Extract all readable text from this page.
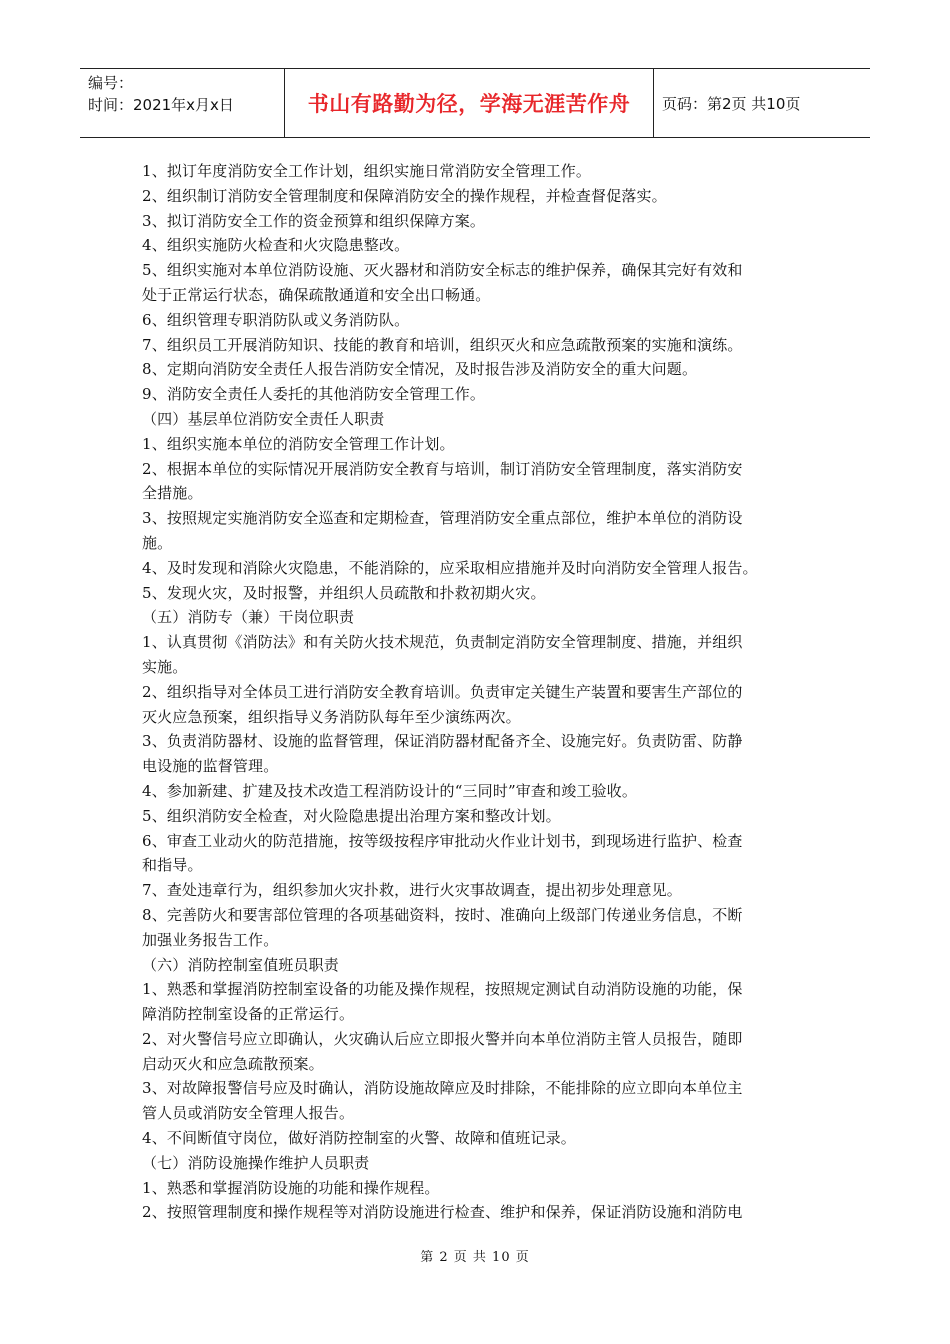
编号：
时间：2021年x月x日	书山有路勤为径，学海无涯苦作舟	页码：第2页 共10页
1、拟订年度消防安全工作计划，组织实施日常消防安全管理工作。
2、组织制订消防安全管理制度和保障消防安全的操作规程，并检查督促落实。
3、拟订消防安全工作的资金预算和组织保障方案。
4、组织实施防火检查和火灾隐患整改。
5、组织实施对本单位消防设施、灭火器材和消防安全标志的维护保养，确保其完好有效和
处于正常运行状态，确保疏散通道和安全出口畅通。
6、组织管理专职消防队或义务消防队。
7、组织员工开展消防知识、技能的教育和培训，组织灭火和应急疏散预案的实施和演练。
8、定期向消防安全责任人报告消防安全情况，及时报告涉及消防安全的重大问题。
9、消防安全责任人委托的其他消防安全管理工作。
（四）基层单位消防安全责任人职责
1、组织实施本单位的消防安全管理工作计划。
2、根据本单位的实际情况开展消防安全教育与培训，制订消防安全管理制度，落实消防安
全措施。
3、按照规定实施消防安全巡查和定期检查，管理消防安全重点部位，维护本单位的消防设
施。
4、及时发现和消除火灾隐患，不能消除的，应采取相应措施并及时向消防安全管理人报告。
5、发现火灾，及时报警，并组织人员疏散和扑救初期火灾。
（五）消防专（兼）干岗位职责
1、认真贯彻《消防法》和有关防火技术规范，负责制定消防安全管理制度、措施，并组织
实施。
2、组织指导对全体员工进行消防安全教育培训。负责审定关键生产装置和要害生产部位的
灭火应急预案，组织指导义务消防队每年至少演练两次。
3、负责消防器材、设施的监督管理，保证消防器材配备齐全、设施完好。负责防雷、防静
电设施的监督管理。
4、参加新建、扩建及技术改造工程消防设计的“三同时”审查和竣工验收。
5、组织消防安全检查，对火险隐患提出治理方案和整改计划。
6、审查工业动火的防范措施，按等级按程序审批动火作业计划书，到现场进行监护、检查
和指导。
7、查处违章行为，组织参加火灾扑救，进行火灾事故调查，提出初步处理意见。
8、完善防火和要害部位管理的各项基础资料，按时、准确向上级部门传递业务信息，不断
加强业务报告工作。
（六）消防控制室值班员职责
1、熟悉和掌握消防控制室设备的功能及操作规程，按照规定测试自动消防设施的功能，保
障消防控制室设备的正常运行。
2、对火警信号应立即确认，火灾确认后应立即报火警并向本单位消防主管人员报告，随即
启动灭火和应急疏散预案。
3、对故障报警信号应及时确认，消防设施故障应及时排除，不能排除的应立即向本单位主
管人员或消防安全管理人报告。
4、不间断值守岗位，做好消防控制室的火警、故障和值班记录。
（七）消防设施操作维护人员职责
1、熟悉和掌握消防设施的功能和操作规程。
2、按照管理制度和操作规程等对消防设施进行检查、维护和保养，保证消防设施和消防电
第 2 页 共 10 页
